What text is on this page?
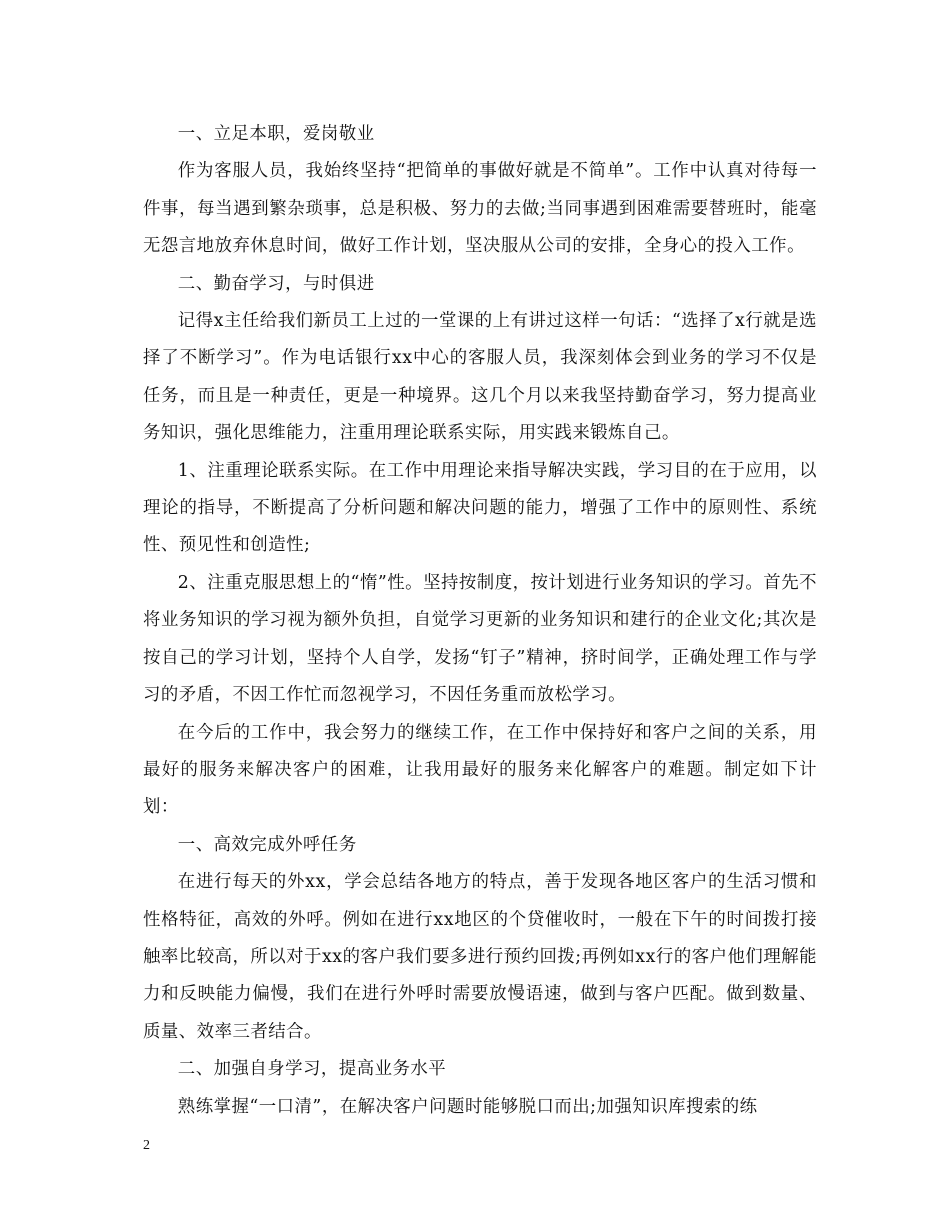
一、立足本职，爱岗敬业

作为客服人员，我始终坚持“把简单的事做好就是不简单”。工作中认真对待每一件事，每当遇到繁杂琐事，总是积极、努力的去做;当同事遇到困难需要替班时，能毫无怨言地放弃休息时间，做好工作计划，坚决服从公司的安排，全身心的投入工作。

二、勤奋学习，与时俱进

记得x主任给我们新员工上过的一堂课的上有讲过这样一句话：“选择了x行就是选择了不断学习”。作为电话银行xx中心的客服人员，我深刻体会到业务的学习不仅是任务，而且是一种责任，更是一种境界。这几个月以来我坚持勤奋学习，努力提高业务知识，强化思维能力，注重用理论联系实际，用实践来锻炼自己。

1、注重理论联系实际。在工作中用理论来指导解决实践，学习目的在于应用，以理论的指导，不断提高了分析问题和解决问题的能力，增强了工作中的原则性、系统性、预见性和创造性;

2、注重克服思想上的“惰”性。坚持按制度，按计划进行业务知识的学习。首先不将业务知识的学习视为额外负担，自觉学习更新的业务知识和建行的企业文化;其次是按自己的学习计划，坚持个人自学，发扬“钉子”精神，挤时间学，正确处理工作与学习的矛盾，不因工作忙而忽视学习，不因任务重而放松学习。

在今后的工作中，我会努力的继续工作，在工作中保持好和客户之间的关系，用最好的服务来解决客户的困难，让我用最好的服务来化解客户的难题。制定如下计划：

一、高效完成外呼任务

在进行每天的外xx，学会总结各地方的特点，善于发现各地区客户的生活习惯和性格特征，高效的外呼。例如在进行xx地区的个贷催收时，一般在下午的时间拨打接触率比较高，所以对于xx的客户我们要多进行预约回拨;再例如xx行的客户他们理解能力和反映能力偏慢，我们在进行外呼时需要放慢语速，做到与客户匹配。做到数量、质量、效率三者结合。

二、加强自身学习，提高业务水平

熟练掌握“一口清”，在解决客户问题时能够脱口而出;加强知识库搜索的练

2
